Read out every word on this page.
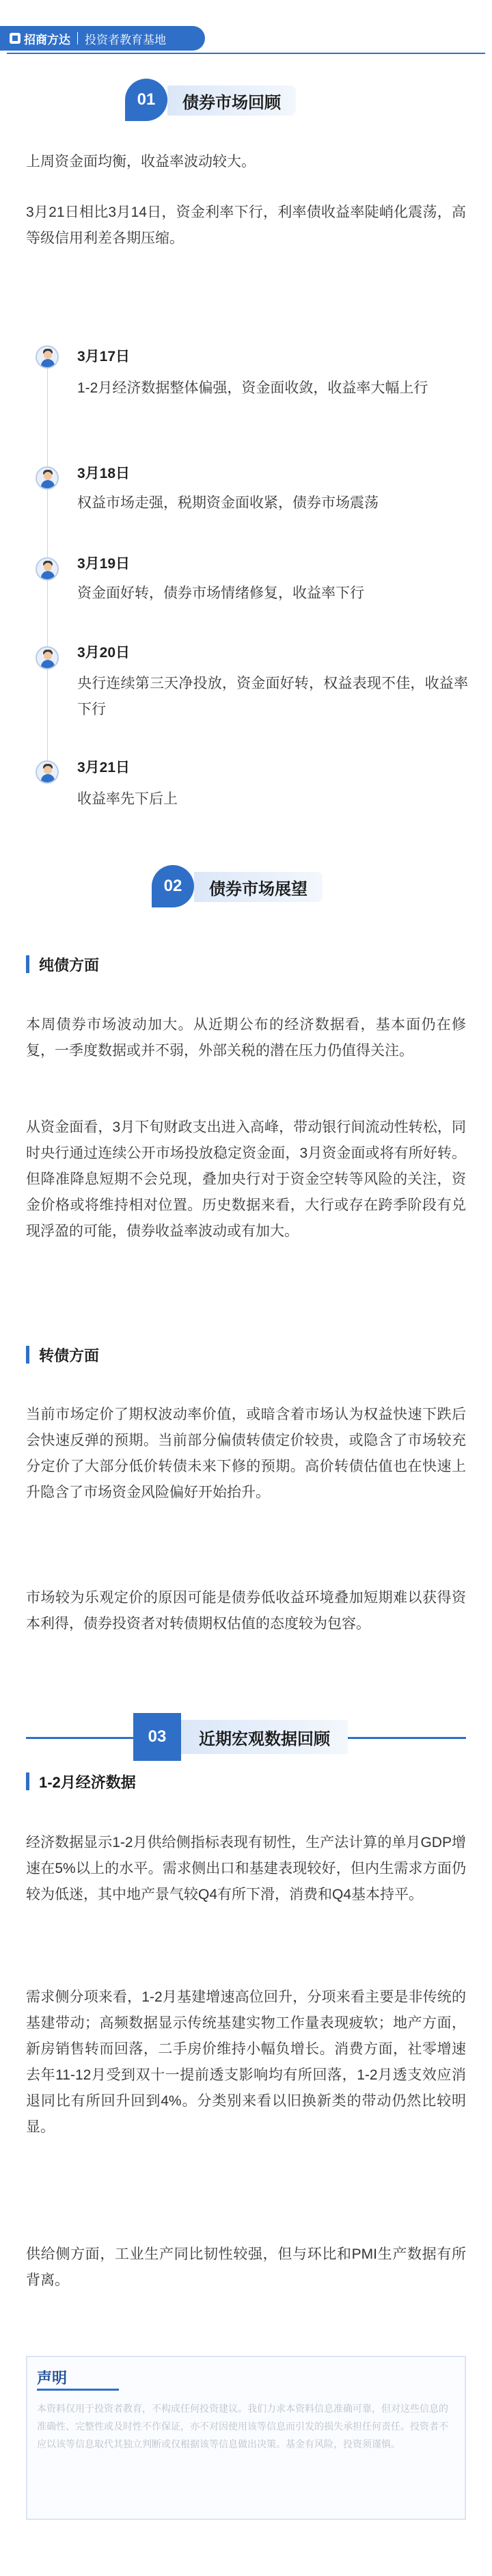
招商方达 投资者教育基地
01	债券市场回顾
上周资金面均衡，收益率波动较大。
3月21日相比3月14日，资金利率下行，利率债收益率陡峭化震荡，高等级信用利差各期压缩。
3月17日
1-2月经济数据整体偏强，资金面收敛，收益率大幅上行
3月18日
权益市场走强，税期资金面收紧，债券市场震荡
3月19日
资金面好转，债券市场情绪修复，收益率下行
3月20日
央行连续第三天净投放，资金面好转，权益表现不佳，收益率下行
3月21日
收益率先下后上
02	债券市场展望
纯债方面
本周债券市场波动加大。从近期公布的经济数据看，基本面仍在修复，一季度数据或并不弱，外部关税的潜在压力仍值得关注。
从资金面看，3月下旬财政支出进入高峰，带动银行间流动性转松，同时央行通过连续公开市场投放稳定资金面，3月资金面或将有所好转。但降准降息短期不会兑现，叠加央行对于资金空转等风险的关注，资金价格或将维持相对位置。历史数据来看，大行或存在跨季阶段有兑现浮盈的可能，债券收益率波动或有加大。
转债方面
当前市场定价了期权波动率价值，或暗含着市场认为权益快速下跌后会快速反弹的预期。当前部分偏债转债定价较贵，或隐含了市场较充分定价了大部分低价转债未来下修的预期。高价转债估值也在快速上升隐含了市场资金风险偏好开始抬升。
市场较为乐观定价的原因可能是债券低收益环境叠加短期难以获得资本利得，债券投资者对转债期权估值的态度较为包容。
03	近期宏观数据回顾
1-2月经济数据
经济数据显示1-2月供给侧指标表现有韧性，生产法计算的单月GDP增速在5%以上的水平。需求侧出口和基建表现较好，但内生需求方面仍较为低迷，其中地产景气较Q4有所下滑，消费和Q4基本持平。
需求侧分项来看，1-2月基建增速高位回升，分项来看主要是非传统的基建带动；高频数据显示传统基建实物工作量表现疲软；地产方面，新房销售转而回落，二手房价维持小幅负增长。消费方面，社零增速去年11-12月受到双十一提前透支影响均有所回落，1-2月透支效应消退同比有所回升回到4%。分类别来看以旧换新类的带动仍然比较明显。
供给侧方面，工业生产同比韧性较强，但与环比和PMI生产数据有所背离。
声明
本资料仅用于投资者教育，不构成任何投资建议。我们力求本资料信息准确可靠，但对这些信息的准确性、完整性或及时性不作保证，亦不对因使用该等信息而引发的损失承担任何责任。投资者不应以该等信息取代其独立判断或仅根据该等信息做出决策。基金有风险，投资须谨慎。
